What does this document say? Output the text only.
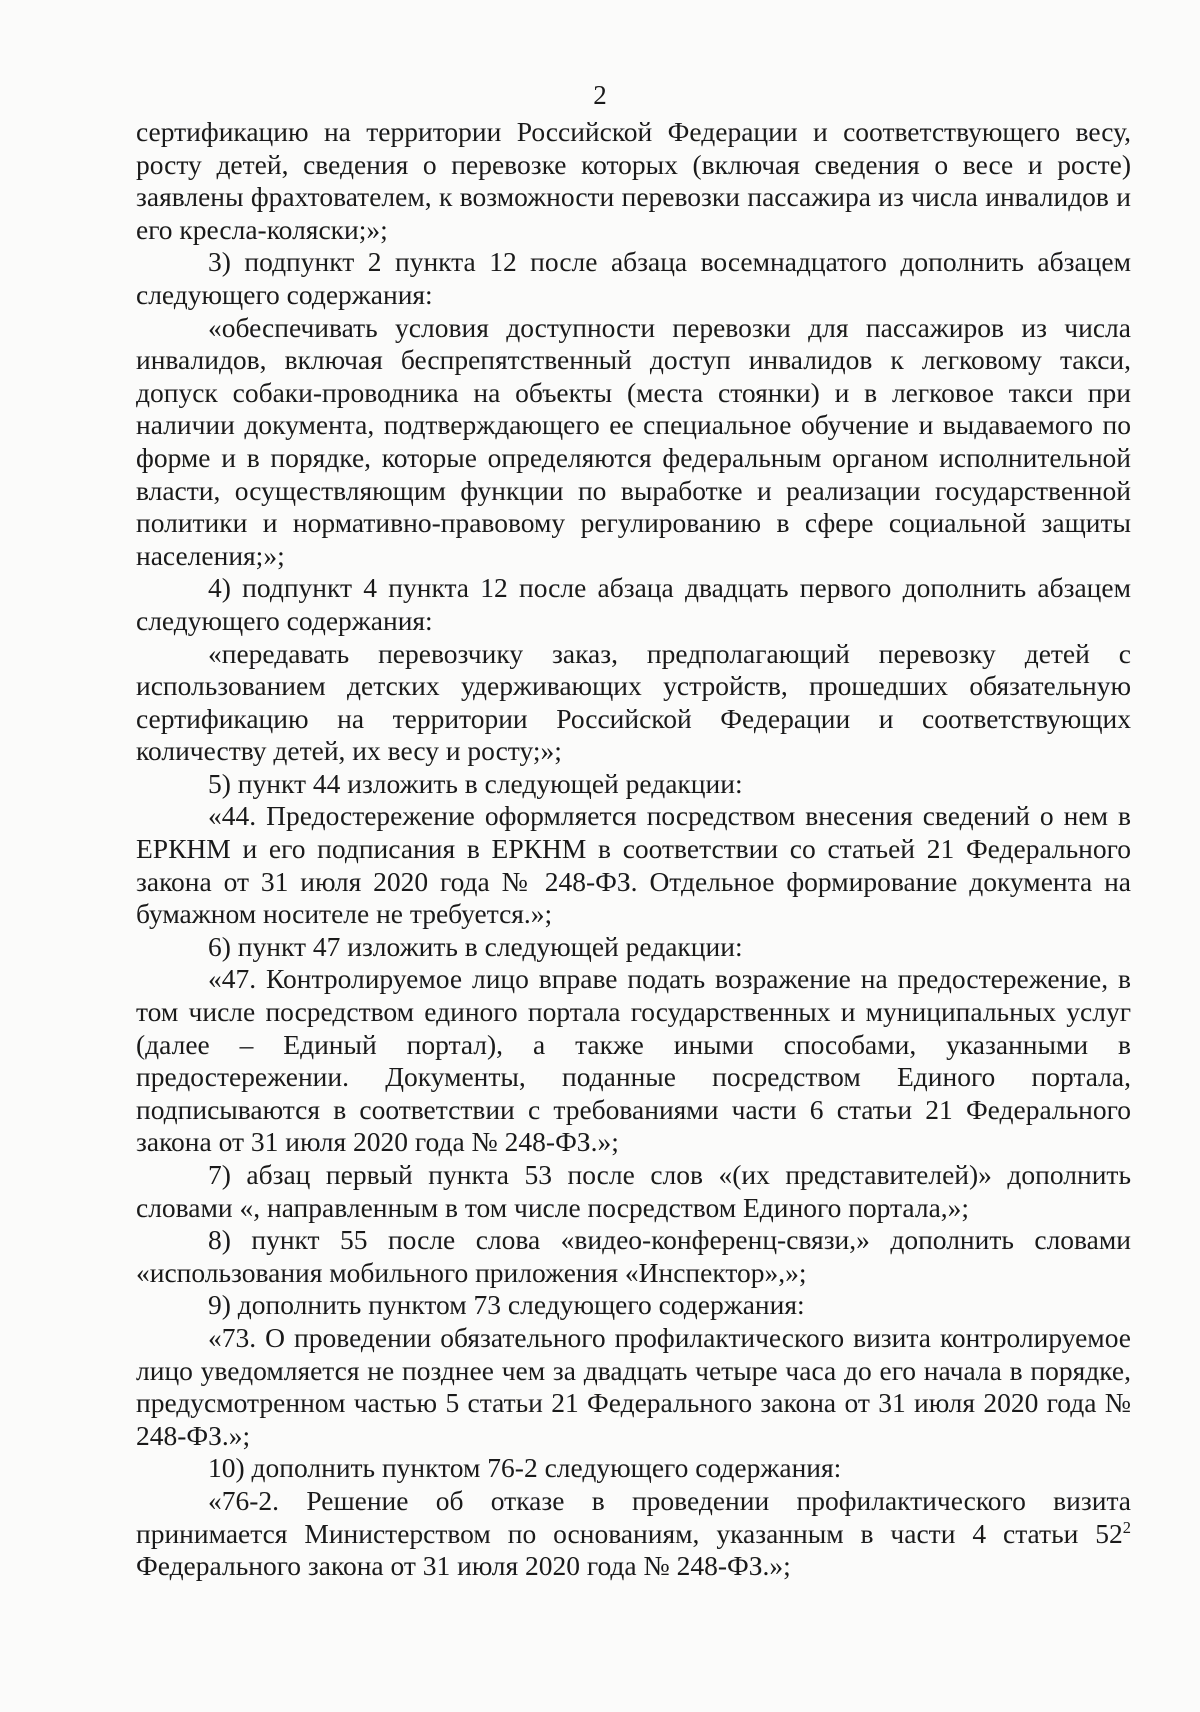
2

сертификацию на территории Российской Федерации и соответствующего весу, росту детей, сведения о перевозке которых (включая сведения о весе и росте) заявлены фрахтователем, к возможности перевозки пассажира из числа инвалидов и его кресла-коляски;»;

3) подпункт 2 пункта 12 после абзаца восемнадцатого дополнить абзацем следующего содержания:

«обеспечивать условия доступности перевозки для пассажиров из числа инвалидов, включая беспрепятственный доступ инвалидов к легковому такси, допуск собаки-проводника на объекты (места стоянки) и в легковое такси при наличии документа, подтверждающего ее специальное обучение и выдаваемого по форме и в порядке, которые определяются федеральным органом исполнительной власти, осуществляющим функции по выработке и реализации государственной политики и нормативно-правовому регулированию в сфере социальной защиты населения;»;

4) подпункт 4 пункта 12 после абзаца двадцать первого дополнить абзацем следующего содержания:

«передавать перевозчику заказ, предполагающий перевозку детей с использованием детских удерживающих устройств, прошедших обязательную сертификацию на территории Российской Федерации и соответствующих количеству детей, их весу и росту;»;

5) пункт 44 изложить в следующей редакции:

«44. Предостережение оформляется посредством внесения сведений о нем в ЕРКНМ и его подписания в ЕРКНМ в соответствии со статьей 21 Федерального закона от 31 июля 2020 года № 248-ФЗ. Отдельное формирование документа на бумажном носителе не требуется.»;

6) пункт 47 изложить в следующей редакции:

«47. Контролируемое лицо вправе подать возражение на предостережение, в том числе посредством единого портала государственных и муниципальных услуг (далее – Единый портал), а также иными способами, указанными в предостережении. Документы, поданные посредством Единого портала, подписываются в соответствии с требованиями части 6 статьи 21 Федерального закона от 31 июля 2020 года № 248-ФЗ.»;

7) абзац первый пункта 53 после слов «(их представителей)» дополнить словами «, направленным в том числе посредством Единого портала,»;

8) пункт 55 после слова «видео-конференц-связи,» дополнить словами «использования мобильного приложения «Инспектор»,»;

9) дополнить пунктом 73 следующего содержания:

«73. О проведении обязательного профилактического визита контролируемое лицо уведомляется не позднее чем за двадцать четыре часа до его начала в порядке, предусмотренном частью 5 статьи 21 Федерального закона от 31 июля 2020 года № 248-ФЗ.»;

10) дополнить пунктом 76-2 следующего содержания:

«76-2. Решение об отказе в проведении профилактического визита принимается Министерством по основаниям, указанным в части 4 статьи $52^2$ Федерального закона от 31 июля 2020 года № 248-ФЗ.»;
